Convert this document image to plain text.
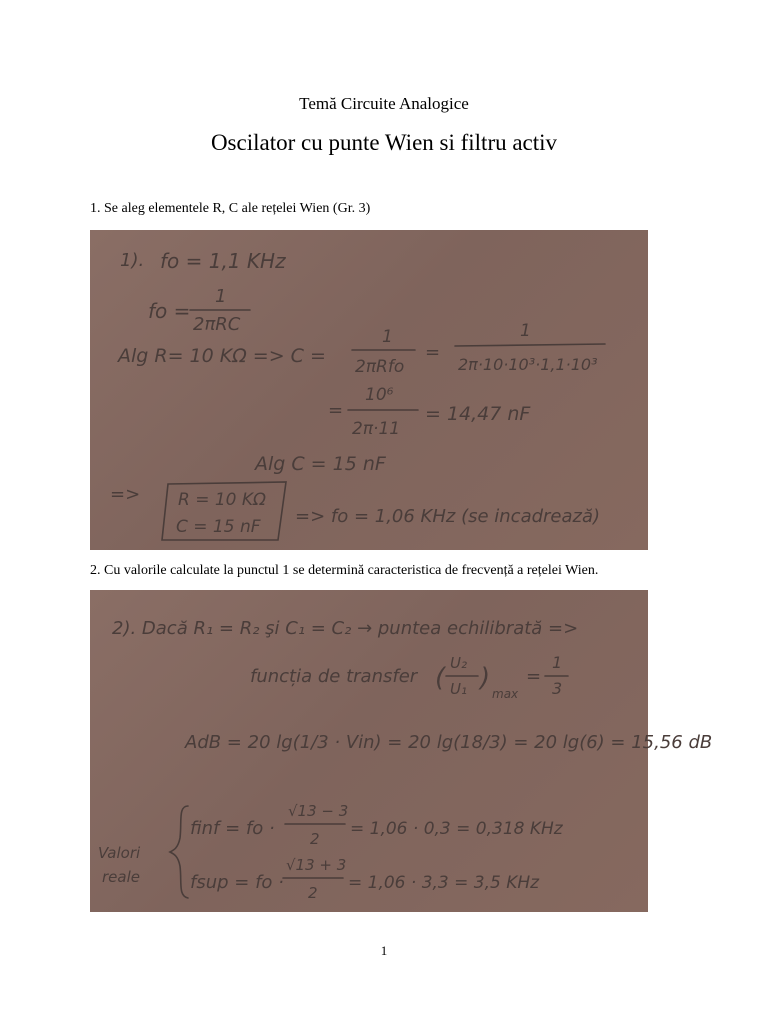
Temă Circuite Analogice
Oscilator cu punte Wien si filtru activ
1. Se aleg elementele R, C ale rețelei Wien (Gr. 3)
1). fo = 1,1 KHz
fo =
1
2πRC
Alg R= 10 KΩ => C =
1
2πRfo
=
1
2π·10·10³·1,1·10³
=
10⁶
2π·11
= 14,47 nF
Alg C = 15 nF
=> R = 10 KΩ
C = 15 nF => fo = 1,06 KHz (se incadrează)
2. Cu valorile calculate la punctul 1 se determină caracteristica de frecvență a rețelei Wien.
2). Dacă R₁ = R₂ şi C₁ = C₂ → puntea echilibrată =>
funcția de transfer ( U₂
U₁ )
max
=
1
3
AdB = 20 lg(1/3 · Vin) = 20 lg(18/3) = 20 lg(6) = 15,56 dB
Valori
reale
finf = fo ·
√13 − 3
2 = 1,06 · 0,3 = 0,318 KHz
fsup = fo ·
√13 + 3
2 = 1,06 · 3,3 = 3,5 KHz
1
